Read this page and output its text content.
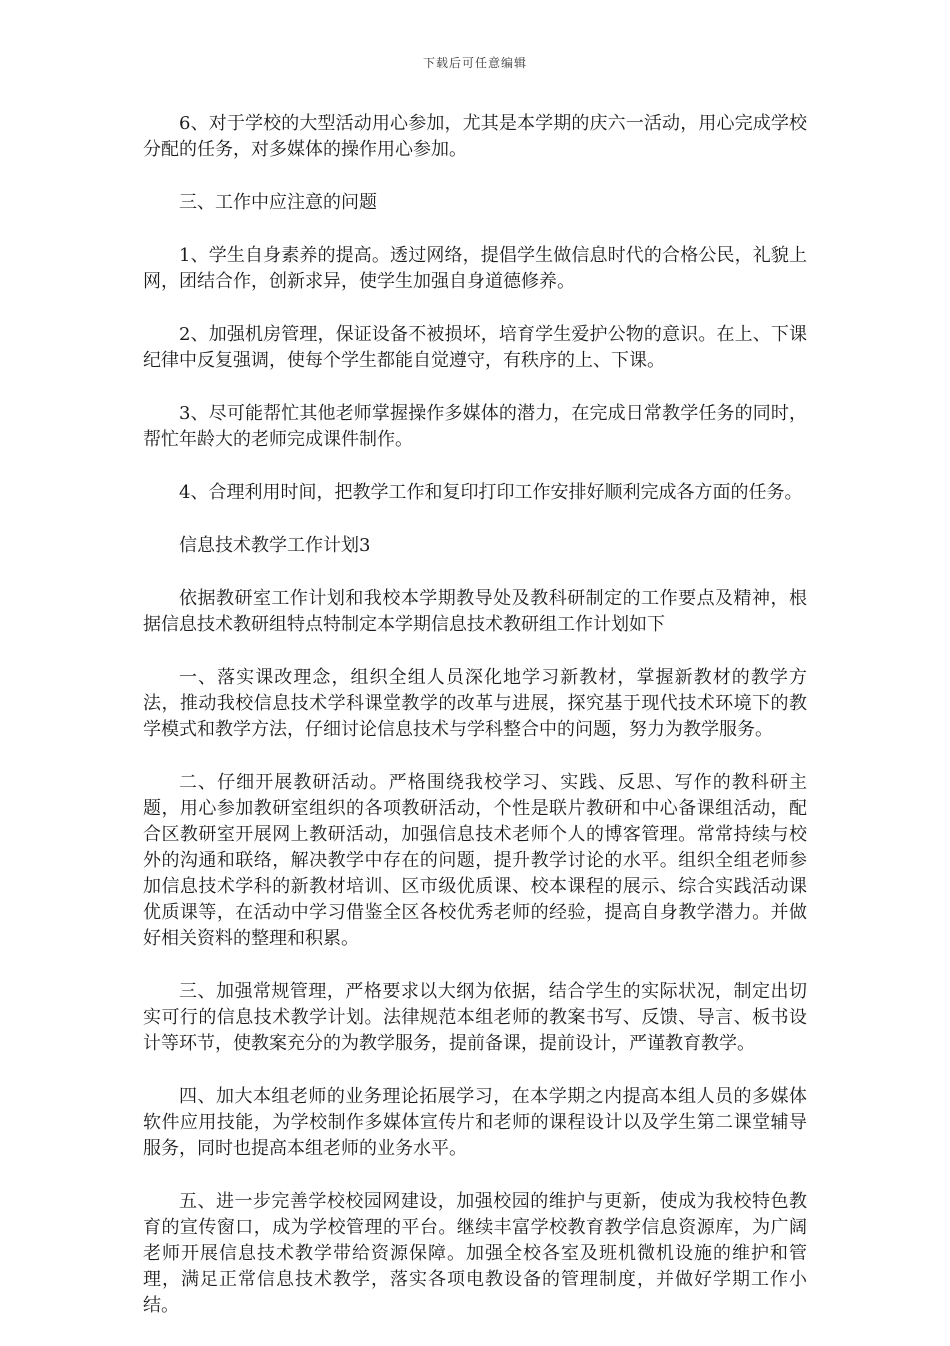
下载后可任意编辑

6、对于学校的大型活动用心参加，尤其是本学期的庆六一活动，用心完成学校分配的任务，对多媒体的操作用心参加。

三、工作中应注意的问题

1、学生自身素养的提高。透过网络，提倡学生做信息时代的合格公民，礼貌上网，团结合作，创新求异，使学生加强自身道德修养。

2、加强机房管理，保证设备不被损坏，培育学生爱护公物的意识。在上、下课纪律中反复强调，使每个学生都能自觉遵守，有秩序的上、下课。

3、尽可能帮忙其他老师掌握操作多媒体的潜力，在完成日常教学任务的同时，帮忙年龄大的老师完成课件制作。

4、合理利用时间，把教学工作和复印打印工作安排好顺利完成各方面的任务。

信息技术教学工作计划3

依据教研室工作计划和我校本学期教导处及教科研制定的工作要点及精神，根据信息技术教研组特点特制定本学期信息技术教研组工作计划如下

一、落实课改理念，组织全组人员深化地学习新教材，掌握新教材的教学方法，推动我校信息技术学科课堂教学的改革与进展，探究基于现代技术环境下的教学模式和教学方法，仔细讨论信息技术与学科整合中的问题，努力为教学服务。

二、仔细开展教研活动。严格围绕我校学习、实践、反思、写作的教科研主题，用心参加教研室组织的各项教研活动，个性是联片教研和中心备课组活动，配合区教研室开展网上教研活动，加强信息技术老师个人的博客管理。常常持续与校外的沟通和联络，解决教学中存在的问题，提升教学讨论的水平。组织全组老师参加信息技术学科的新教材培训、区市级优质课、校本课程的展示、综合实践活动课优质课等，在活动中学习借鉴全区各校优秀老师的经验，提高自身教学潜力。并做好相关资料的整理和积累。

三、加强常规管理，严格要求以大纲为依据，结合学生的实际状况，制定出切实可行的信息技术教学计划。法律规范本组老师的教案书写、反馈、导言、板书设计等环节，使教案充分的为教学服务，提前备课，提前设计，严谨教育教学。

四、加大本组老师的业务理论拓展学习，在本学期之内提高本组人员的多媒体软件应用技能，为学校制作多媒体宣传片和老师的课程设计以及学生第二课堂辅导服务，同时也提高本组老师的业务水平。

五、进一步完善学校校园网建设，加强校园的维护与更新，使成为我校特色教育的宣传窗口，成为学校管理的平台。继续丰富学校教育教学信息资源库，为广阔老师开展信息技术教学带给资源保障。加强全校各室及班机微机设施的维护和管理，满足正常信息技术教学，落实各项电教设备的管理制度，并做好学期工作小结。
